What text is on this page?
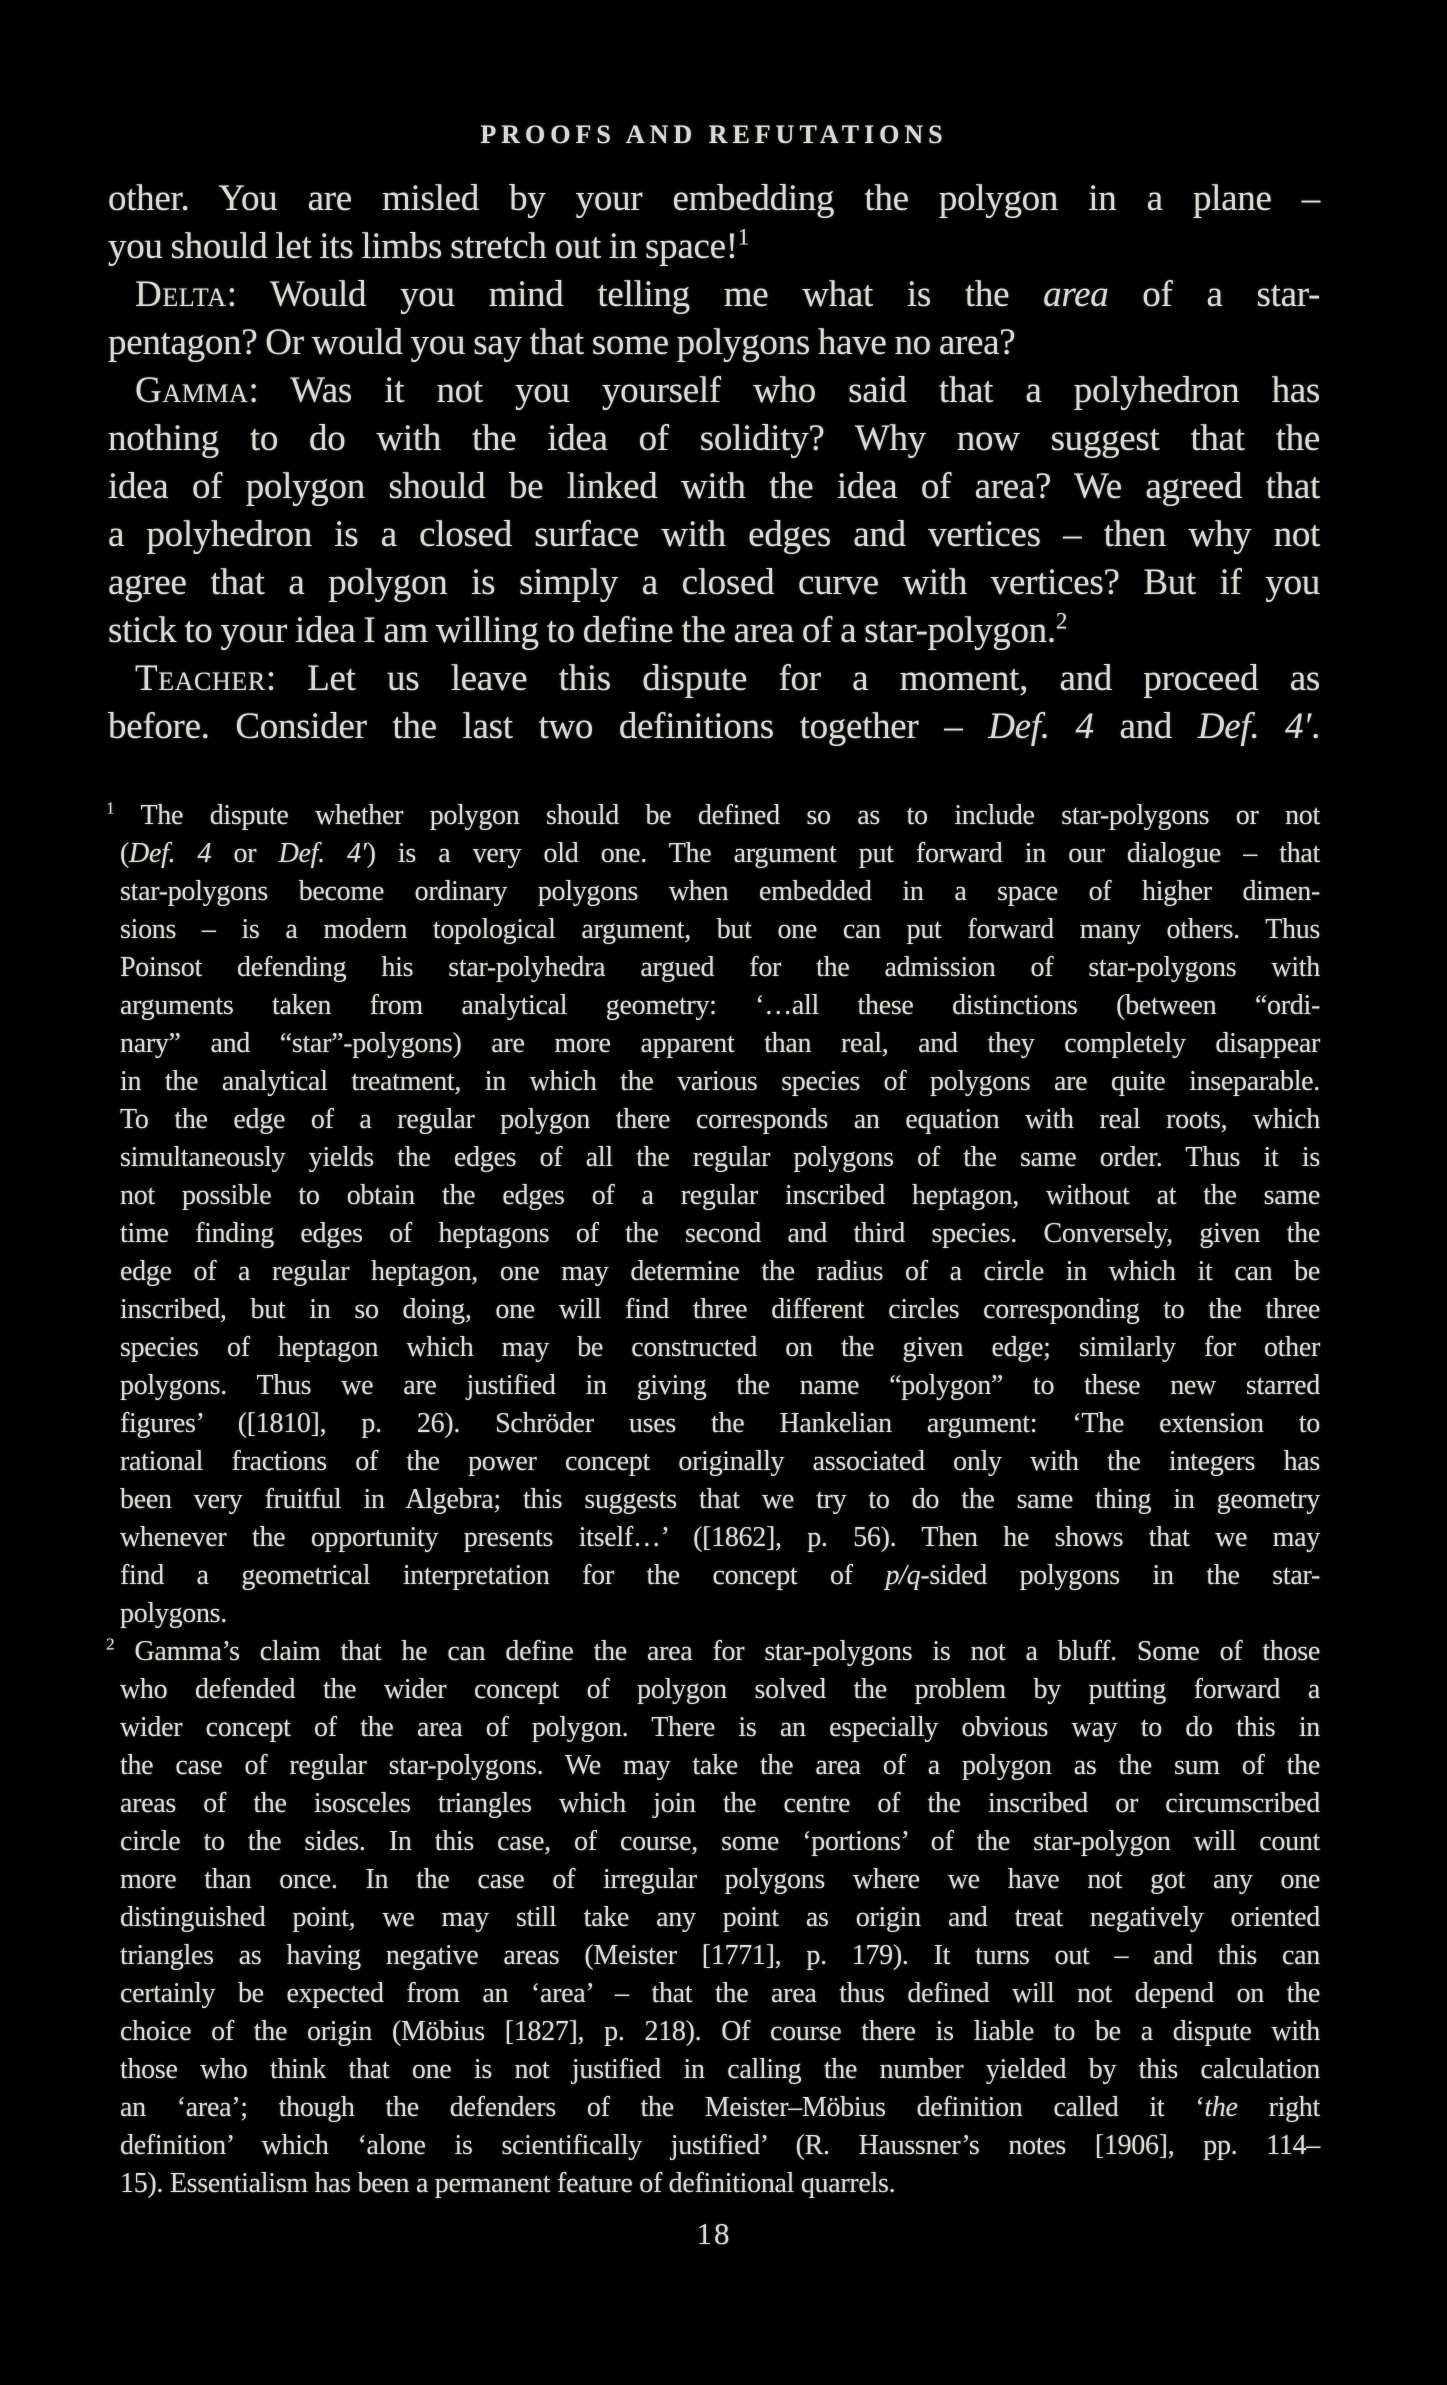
PROOFS AND REFUTATIONS
other. You are misled by your embedding the polygon in a plane –
you should let its limbs stretch out in space!$^1$
Delta: Would you mind telling me what is the area of a star-
pentagon? Or would you say that some polygons have no area?
Gamma: Was it not you yourself who said that a polyhedron has
nothing to do with the idea of solidity? Why now suggest that the
idea of polygon should be linked with the idea of area? We agreed that
a polyhedron is a closed surface with edges and vertices – then why not
agree that a polygon is simply a closed curve with vertices? But if you
stick to your idea I am willing to define the area of a star-polygon.$^2$
Teacher: Let us leave this dispute for a moment, and proceed as
before. Consider the last two definitions together – Def. 4 and Def. 4′.
$^1$ The dispute whether polygon should be defined so as to include star-polygons or not
(Def. 4 or Def. 4′) is a very old one. The argument put forward in our dialogue – that
star-polygons become ordinary polygons when embedded in a space of higher dimen-
sions – is a modern topological argument, but one can put forward many others. Thus
Poinsot defending his star-polyhedra argued for the admission of star-polygons with
arguments taken from analytical geometry: ‘…all these distinctions (between “ordi-
nary” and “star”-polygons) are more apparent than real, and they completely disappear
in the analytical treatment, in which the various species of polygons are quite inseparable.
To the edge of a regular polygon there corresponds an equation with real roots, which
simultaneously yields the edges of all the regular polygons of the same order. Thus it is
not possible to obtain the edges of a regular inscribed heptagon, without at the same
time finding edges of heptagons of the second and third species. Conversely, given the
edge of a regular heptagon, one may determine the radius of a circle in which it can be
inscribed, but in so doing, one will find three different circles corresponding to the three
species of heptagon which may be constructed on the given edge; similarly for other
polygons. Thus we are justified in giving the name “polygon” to these new starred
figures’ ([1810], p. 26). Schröder uses the Hankelian argument: ‘The extension to
rational fractions of the power concept originally associated only with the integers has
been very fruitful in Algebra; this suggests that we try to do the same thing in geometry
whenever the opportunity presents itself…’ ([1862], p. 56). Then he shows that we may
find a geometrical interpretation for the concept of p/q-sided polygons in the star-
polygons.
$^2$ Gamma’s claim that he can define the area for star-polygons is not a bluff. Some of those
who defended the wider concept of polygon solved the problem by putting forward a
wider concept of the area of polygon. There is an especially obvious way to do this in
the case of regular star-polygons. We may take the area of a polygon as the sum of the
areas of the isosceles triangles which join the centre of the inscribed or circumscribed
circle to the sides. In this case, of course, some ‘portions’ of the star-polygon will count
more than once. In the case of irregular polygons where we have not got any one
distinguished point, we may still take any point as origin and treat negatively oriented
triangles as having negative areas (Meister [1771], p. 179). It turns out – and this can
certainly be expected from an ‘area’ – that the area thus defined will not depend on the
choice of the origin (Möbius [1827], p. 218). Of course there is liable to be a dispute with
those who think that one is not justified in calling the number yielded by this calculation
an ‘area’; though the defenders of the Meister–Möbius definition called it ‘the right
definition’ which ‘alone is scientifically justified’ (R. Haussner’s notes [1906], pp. 114–
15). Essentialism has been a permanent feature of definitional quarrels.
18
